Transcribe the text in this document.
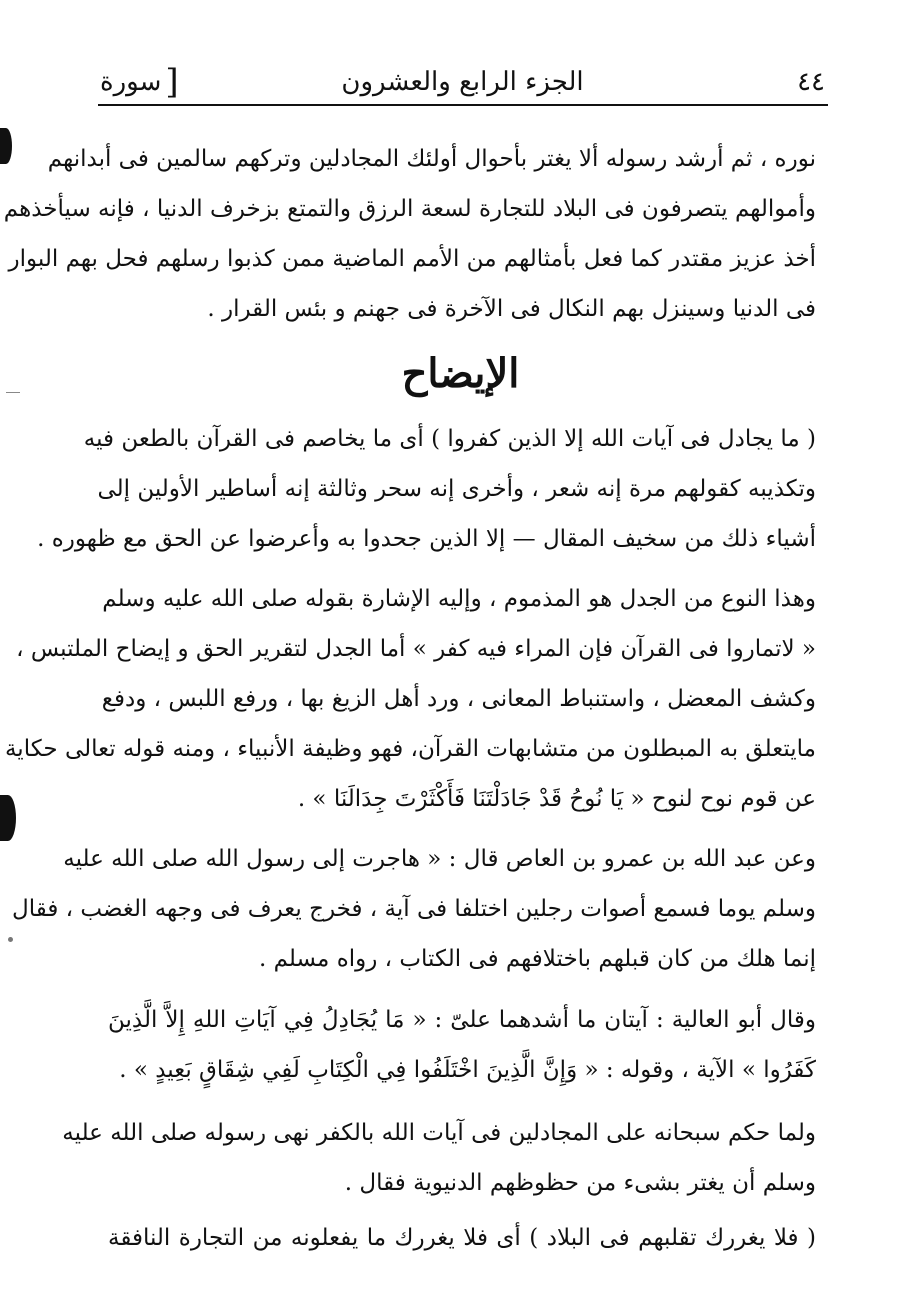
٤٤
الجزء الرابع والعشرون
[سورة
نوره ، ثم أرشد رسوله ألا يغتر بأحوال أولئك المجادلين وتركهم سالمين فى أبدانهم
وأموالهم يتصرفون فى البلاد للتجارة لسعة الرزق والتمتع بزخرف الدنيا ، فإنه سيأخذهم
أخذ عزيز مقتدر كما فعل بأمثالهم من الأمم الماضية ممن كذبوا رسلهم فحل بهم البوار
فى الدنيا وسينزل بهم النكال فى الآخرة فى جهنم و بئس القرار .
الإيضاح
( ما يجادل فى آيات الله إلا الذين كفروا ) أى ما يخاصم فى القرآن بالطعن فيه
وتكذيبه كقولهم مرة إنه شعر ، وأخرى إنه سحر وثالثة إنه أساطير الأولين إلى
أشياء ذلك من سخيف المقال — إلا الذين جحدوا به وأعرضوا عن الحق مع ظهوره .
وهذا النوع من الجدل هو المذموم ، وإليه الإشارة بقوله صلى الله عليه وسلم
« لاتماروا فى القرآن فإن المراء فيه كفر » أما الجدل لتقرير الحق و إيضاح الملتبس ،
وكشف المعضل ، واستنباط المعانى ، ورد أهل الزيغ بها ، ورفع اللبس ، ودفع
مايتعلق به المبطلون من متشابهات القرآن، فهو وظيفة الأنبياء ، ومنه قوله تعالى حكاية
عن قوم نوح لنوح « يَا نُوحُ قَدْ جَادَلْتَنَا فَأَكْثَرْتَ جِدَالَنَا » .
وعن عبد الله بن عمرو بن العاص قال : « هاجرت إلى رسول الله صلى الله عليه
وسلم يوما فسمع أصوات رجلين اختلفا فى آية ، فخرج يعرف فى وجهه الغضب ، فقال
إنما هلك من كان قبلهم باختلافهم فى الكتاب ، رواه مسلم .
وقال أبو العالية : آيتان ما أشدهما علىّ : « مَا يُجَادِلُ فِي آيَاتِ اللهِ إِلاَّ الَّذِينَ
كَفَرُوا » الآية ، وقوله : « وَإِنَّ الَّذِينَ اخْتَلَفُوا فِي الْكِتَابِ لَفِي شِقَاقٍ بَعِيدٍ » .
ولما حكم سبحانه على المجادلين فى آيات الله بالكفر نهى رسوله صلى الله عليه
وسلم أن يغتر بشىء من حظوظهم الدنيوية فقال .
( فلا يغررك تقلبهم فى البلاد ) أى فلا يغررك ما يفعلونه من التجارة النافقة
